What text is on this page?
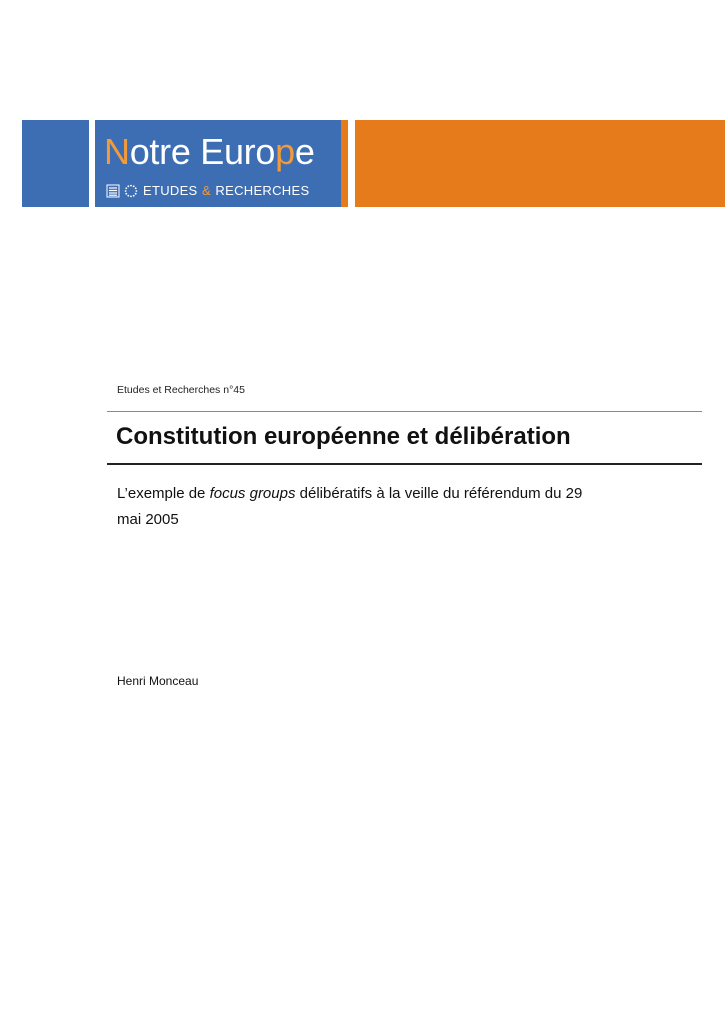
Notre Europe
ETUDES
&
RECHERCHES
Etudes et Recherches n°45
Constitution européenne et délibération
L’exemple de focus groups délibératifs à la veille du référendum du 29 mai 2005
Henri Monceau
